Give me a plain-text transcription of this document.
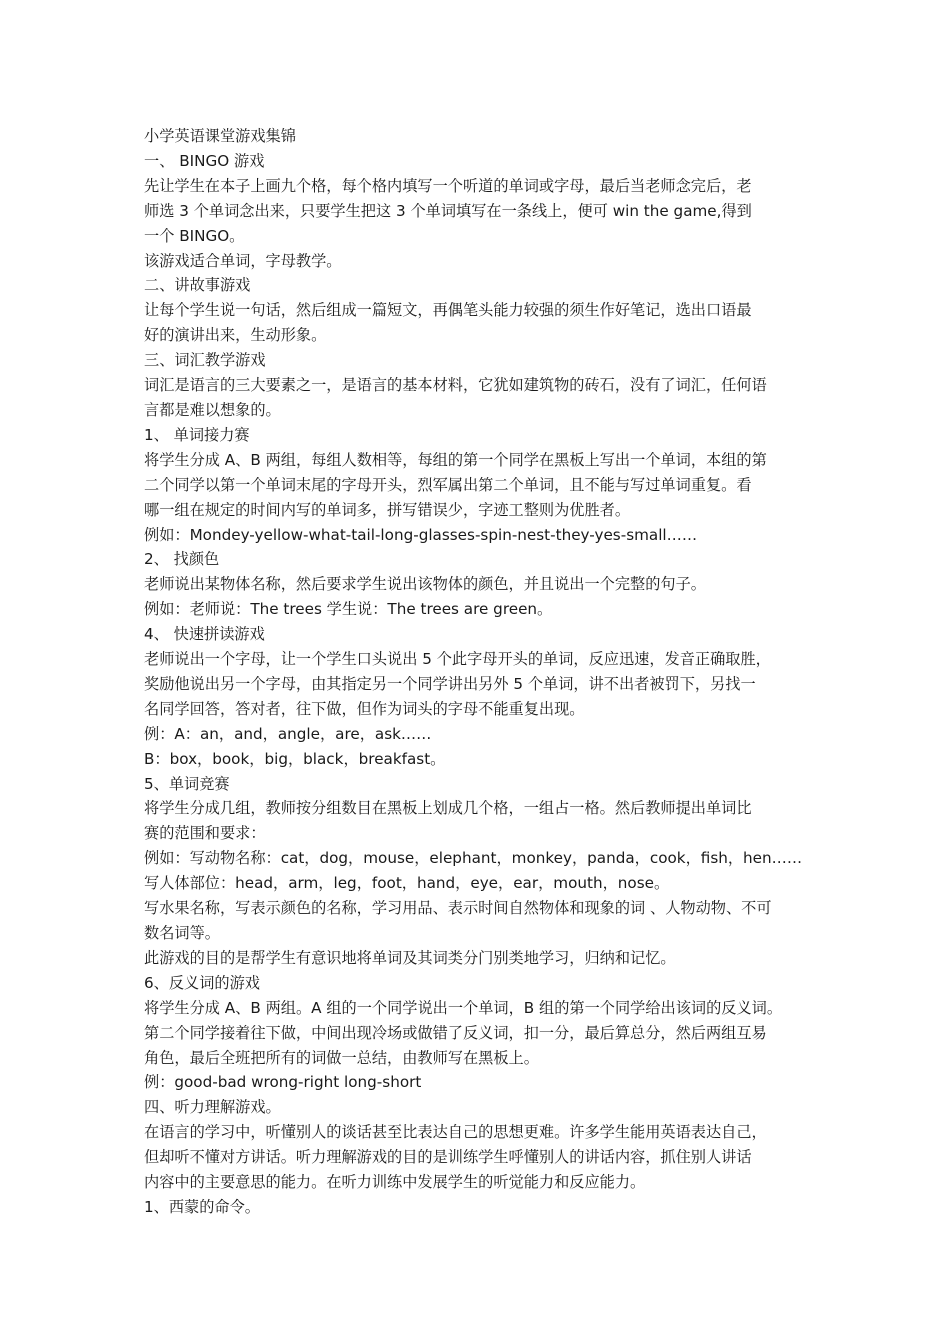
小学英语课堂游戏集锦
一、 BINGO 游戏
先让学生在本子上画九个格，每个格内填写一个听道的单词或字母，最后当老师念完后，老
师选 3 个单词念出来，只要学生把这 3 个单词填写在一条线上，便可 win the game,得到
一个 BINGO。
该游戏适合单词，字母教学。
二、讲故事游戏
让每个学生说一句话，然后组成一篇短文，再偶笔头能力较强的须生作好笔记，选出口语最
好的演讲出来，生动形象。
三、词汇教学游戏
词汇是语言的三大要素之一，是语言的基本材料，它犹如建筑物的砖石，没有了词汇，任何语
言都是难以想象的。
1、 单词接力赛
将学生分成 A、B 两组，每组人数相等，每组的第一个同学在黑板上写出一个单词，本组的第
二个同学以第一个单词末尾的字母开头，烈军属出第二个单词，且不能与写过单词重复。看
哪一组在规定的时间内写的单词多，拼写错误少，字迹工整则为优胜者。
例如：Mondey-yellow-what-tail-long-glasses-spin-nest-they-yes-small……
2、 找颜色
老师说出某物体名称，然后要求学生说出该物体的颜色，并且说出一个完整的句子。
例如：老师说：The trees 学生说：The trees are green。
4、 快速拼读游戏
老师说出一个字母，让一个学生口头说出 5 个此字母开头的单词，反应迅速，发音正确取胜，
奖励他说出另一个字母，由其指定另一个同学讲出另外 5 个单词，讲不出者被罚下，另找一
名同学回答，答对者，往下做，但作为词头的字母不能重复出现。
例：A：an，and，angle，are，ask……
B：box，book，big，black，breakfast。
5、单词竞赛
将学生分成几组，教师按分组数目在黑板上划成几个格，一组占一格。然后教师提出单词比
赛的范围和要求：
例如：写动物名称：cat，dog，mouse，elephant，monkey，panda，cook，fish，hen……
写人体部位：head，arm，leg，foot，hand，eye，ear，mouth，nose。
写水果名称，写表示颜色的名称，学习用品、表示时间自然物体和现象的词 、人物动物、不可
数名词等。
此游戏的目的是帮学生有意识地将单词及其词类分门别类地学习，归纳和记忆。
6、反义词的游戏
将学生分成 A、B 两组。A 组的一个同学说出一个单词，B 组的第一个同学给出该词的反义词。
第二个同学接着往下做，中间出现冷场或做错了反义词，扣一分，最后算总分，然后两组互易
角色，最后全班把所有的词做一总结，由教师写在黑板上。
例：good-bad wrong-right long-short
四、听力理解游戏。
在语言的学习中，听懂别人的谈话甚至比表达自己的思想更难。许多学生能用英语表达自己，
但却听不懂对方讲话。听力理解游戏的目的是训练学生呼懂别人的讲话内容，抓住别人讲话
内容中的主要意思的能力。在听力训练中发展学生的听觉能力和反应能力。
1、西蒙的命令。
